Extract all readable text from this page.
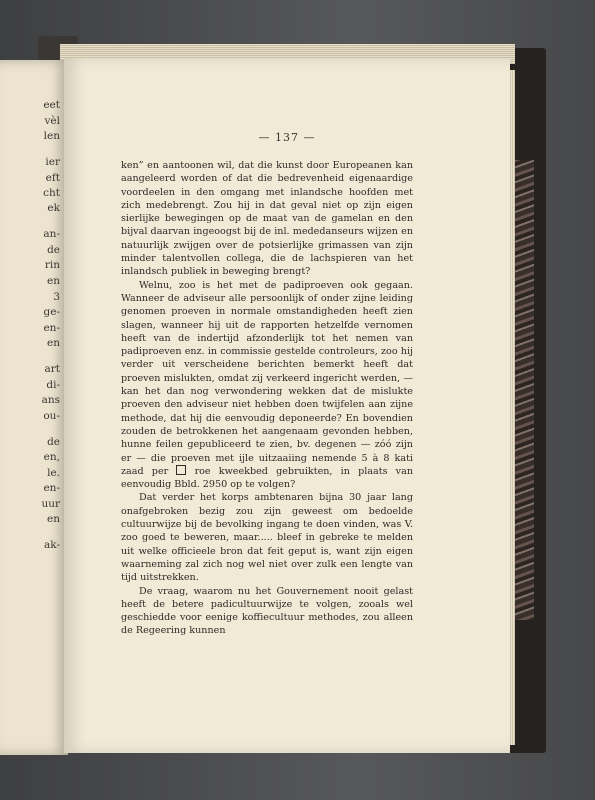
eet
vèl
len
ier
eft
cht
ek
an-
de
rin
en
3
ge-
en-
en
art
di-
ans
ou-
de
en,
le.
en-
uur
en
ak-
— 137 —

ken” en aantoonen wil, dat die kunst door Europeanen kan aangeleerd worden of dat die bedrevenheid eigenaardige voordeelen in den omgang met inlandsche hoofden met zich medebrengt. Zou hij in dat geval niet op zijn eigen sierlijke bewegingen op de maat van de gamelan en den bijval daarvan ingeoogst bij de inl. mededanseurs wijzen en natuurlijk zwijgen over de potsierlijke grimassen van zijn minder talentvollen collega, die de lachspieren van het inlandsch publiek in beweging brengt?

Welnu, zoo is het met de padiproeven ook gegaan. Wanneer de adviseur alle persoonlijk of onder zijne leiding genomen proeven in normale omstandigheden heeft zien slagen, wanneer hij uit de rapporten hetzelfde vernomen heeft van de indertijd afzonderlijk tot het nemen van padiproeven enz. in commissie gestelde controleurs, zoo hij verder uit verscheidene berichten bemerkt heeft dat proeven mislukten, omdat zij verkeerd ingericht werden, — kan het dan nog verwondering wekken dat de mislukte proeven den adviseur niet hebben doen twijfelen aan zijne methode, dat hij die eenvoudig deponeerde? En bovendien zouden de betrokkenen het aangenaam gevonden hebben, hunne feilen gepubliceerd te zien, bv. degenen — zóó zijn er — die proeven met ijle uitzaaiing nemende 5 à 8 kati zaad per  roe kweekbed gebruikten, in plaats van eenvoudig Bbld. 2950 op te volgen?

Dat verder het korps ambtenaren bijna 30 jaar lang onafgebroken bezig zou zijn geweest om bedoelde cultuurwijze bij de bevolking ingang te doen vinden, was V. zoo goed te beweren, maar..... bleef in gebreke te melden uit welke officieele bron dat feit geput is, want zijn eigen waarneming zal zich nog wel niet over zulk een lengte van tijd uitstrekken.

De vraag, waarom nu het Gouvernement nooit gelast heeft de betere padicultuurwijze te volgen, zooals wel geschiedde voor eenige koffiecultuur methodes, zou alleen de Regeering kunnen
